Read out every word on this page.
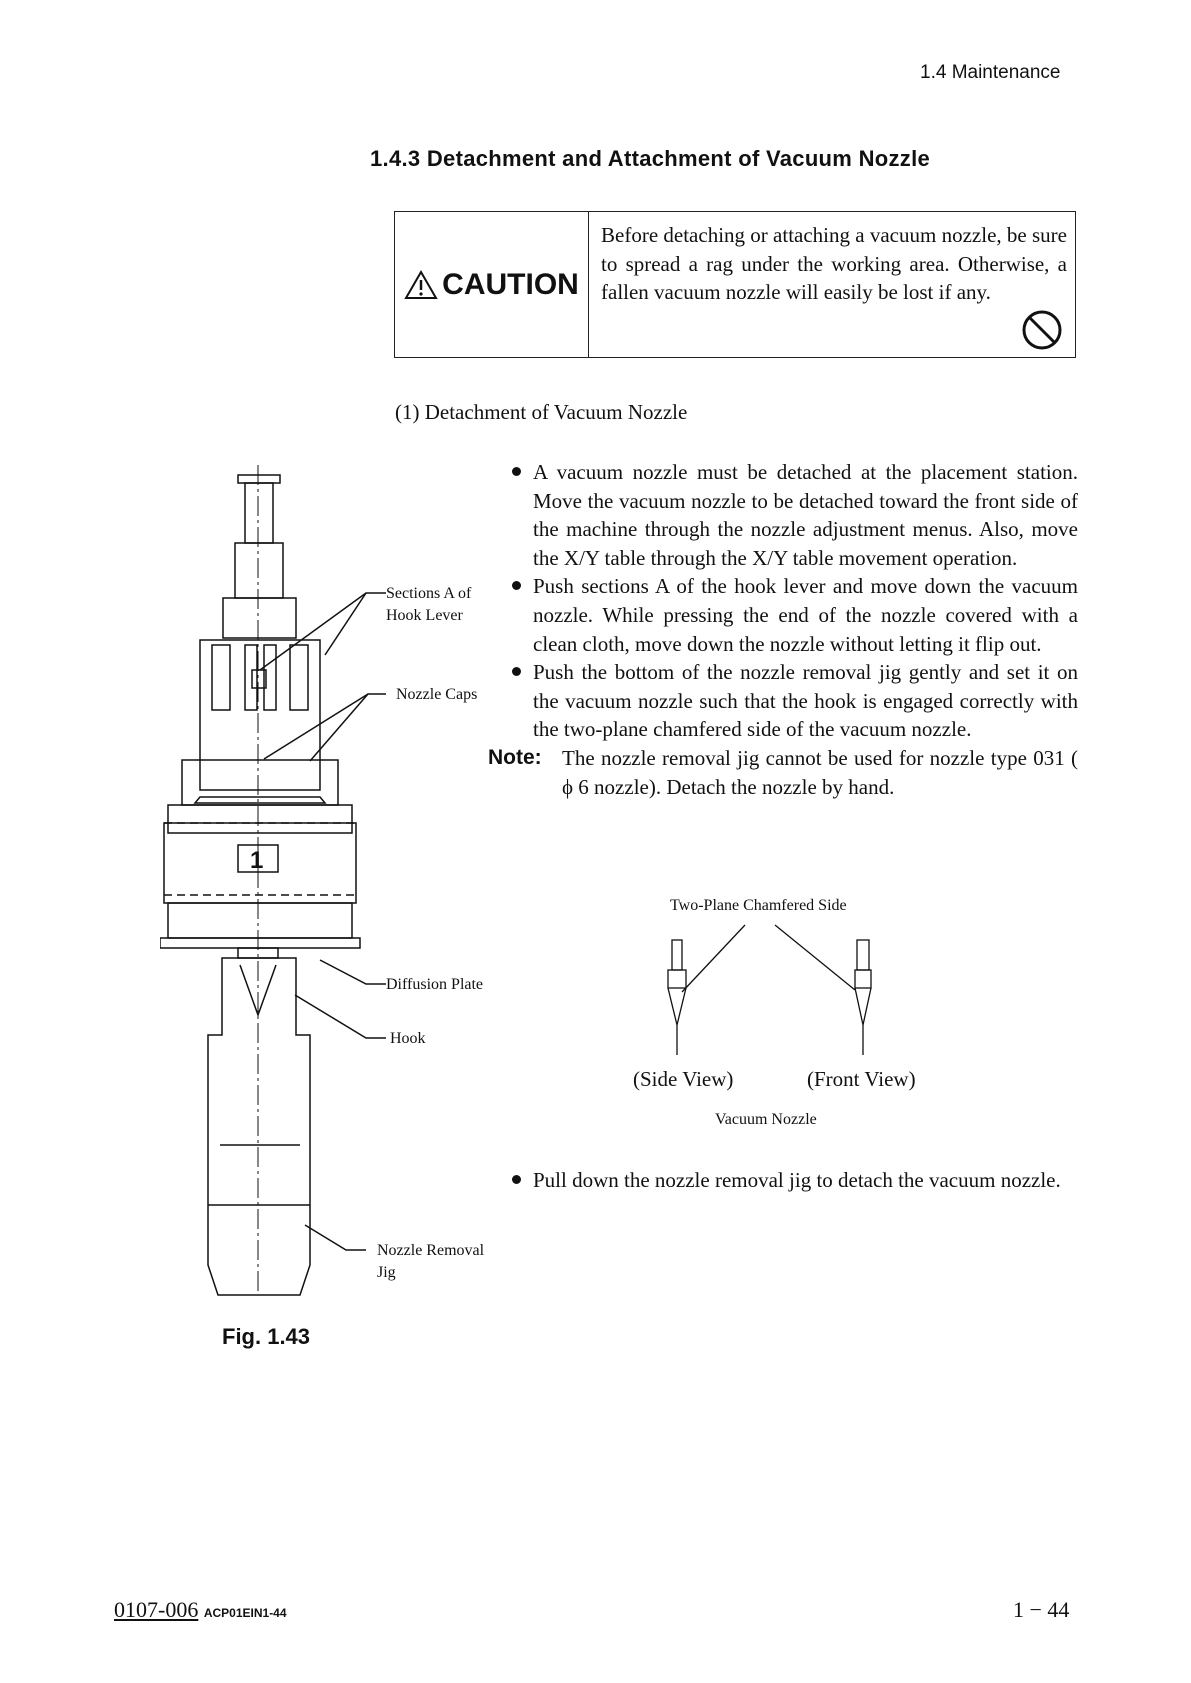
1.4 Maintenance
1.4.3 Detachment and Attachment of Vacuum Nozzle
CAUTION

Before detaching or attaching a vacuum nozzle, be sure to spread a rag under the working area. Otherwise, a fallen vacuum nozzle will easily be lost if any.

(1) Detachment of Vacuum Nozzle
A vacuum nozzle must be detached at the placement station. Move the vacuum nozzle to be detached toward the front side of the machine through the nozzle adjustment menus. Also, move the X/Y table through the X/Y table movement operation.
Push sections A of the hook lever and move down the vacuum nozzle. While pressing the end of the nozzle covered with a clean cloth, move down the nozzle without letting it flip out.
Push the bottom of the nozzle removal jig gently and set it on the vacuum nozzle such that the hook is engaged correctly with the two-plane chamfered side of the vacuum nozzle.
Note: The nozzle removal jig cannot be used for nozzle type 031 ( ϕ 6 nozzle). Detach the nozzle by hand.
Sections A of
Hook Lever
Nozzle Caps
Diffusion Plate
Hook
Nozzle Removal
Jig
1
Fig. 1.43
Two-Plane Chamfered Side
(Side View)	(Front View)
Vacuum Nozzle
Pull down the nozzle removal jig to detach the vacuum nozzle.
0107-006 ACP01EIN1-44	1 − 44
